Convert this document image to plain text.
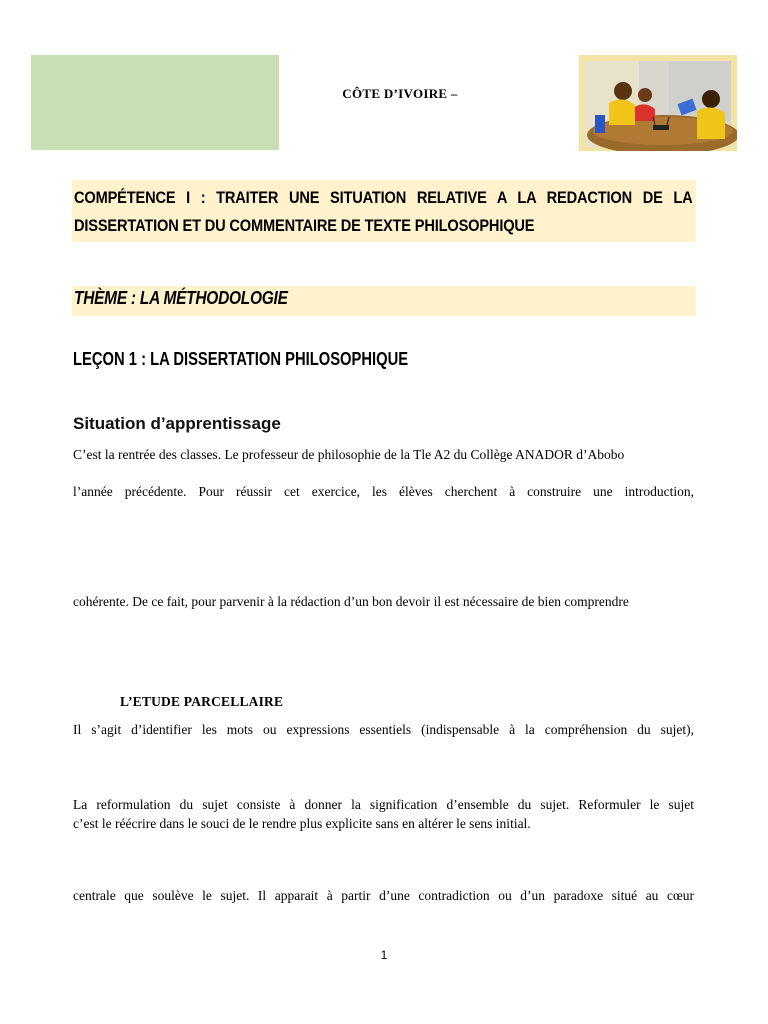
CÔTE D’IVOIRE –
COMPÉTENCE I : TRAITER UNE SITUATION RELATIVE A LA REDACTION DE LA
DISSERTATION ET DU COMMENTAIRE DE TEXTE PHILOSOPHIQUE
THÈME : LA MÉTHODOLOGIE
LEÇON 1 : LA DISSERTATION PHILOSOPHIQUE
Situation d’apprentissage
C’est la rentrée des classes. Le professeur de philosophie de la Tle A2 du Collège ANADOR d’Abobo
l’année précédente. Pour réussir cet exercice, les élèves cherchent à construire une introduction,
cohérente. De ce fait, pour parvenir à la rédaction d’un bon devoir il est nécessaire de bien comprendre
L’ETUDE PARCELLAIRE
Il s’agit d’identifier les mots ou expressions essentiels (indispensable à la compréhension du sujet),
La reformulation du sujet consiste à donner la signification d’ensemble du sujet. Reformuler le sujet
c’est le réécrire dans le souci de le rendre plus explicite sans en altérer le sens initial.
centrale que soulève le sujet. Il apparait à partir d’une contradiction ou d’un paradoxe situé au cœur
1
